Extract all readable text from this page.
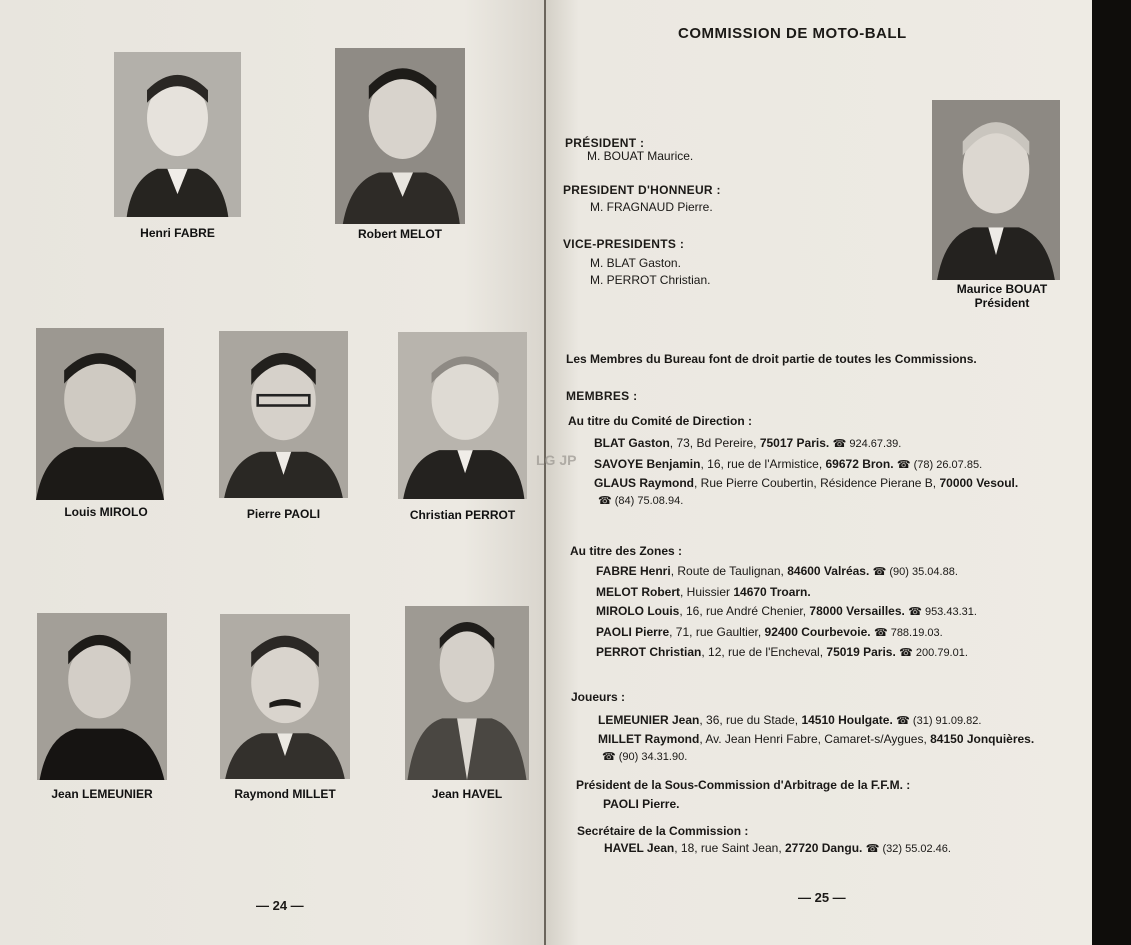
Henri FABRE	Robert MELOT
Louis MIROLO	Pierre PAOLI	Christian PERROT
Jean LEMEUNIER	Raymond MILLET	Jean HAVEL
— 24 —
Maurice BOUAT
Président
COMMISSION DE MOTO-BALL
PRÉSIDENT :
M. BOUAT Maurice.
PRESIDENT D'HONNEUR :
M. FRAGNAUD Pierre.
VICE-PRESIDENTS :
M. BLAT Gaston.
M. PERROT Christian.
Les Membres du Bureau font de droit partie de toutes les Commissions.
MEMBRES :
Au titre du Comité de Direction :
BLAT Gaston, 73, Bd Pereire, 75017 Paris. ☎ 924.67.39.
SAVOYE Benjamin, 16, rue de l'Armistice, 69672 Bron. ☎ (78) 26.07.85.
GLAUS Raymond, Rue Pierre Coubertin, Résidence Pierane B, 70000 Vesoul.
☎ (84) 75.08.94.
Au titre des Zones :
FABRE Henri, Route de Taulignan, 84600 Valréas. ☎ (90) 35.04.88.
MELOT Robert, Huissier 14670 Troarn.
MIROLO Louis, 16, rue André Chenier, 78000 Versailles. ☎ 953.43.31.
PAOLI Pierre, 71, rue Gaultier, 92400 Courbevoie. ☎ 788.19.03.
PERROT Christian, 12, rue de l'Encheval, 75019 Paris. ☎ 200.79.01.
Joueurs :
LEMEUNIER Jean, 36, rue du Stade, 14510 Houlgate. ☎ (31) 91.09.82.
MILLET Raymond, Av. Jean Henri Fabre, Camaret-s/Aygues, 84150 Jonquières.
☎ (90) 34.31.90.
Président de la Sous-Commission d'Arbitrage de la F.F.M. :
PAOLI Pierre.
Secrétaire de la Commission :
HAVEL Jean, 18, rue Saint Jean, 27720 Dangu. ☎ (32) 55.02.46.
— 25 —
LG JP
